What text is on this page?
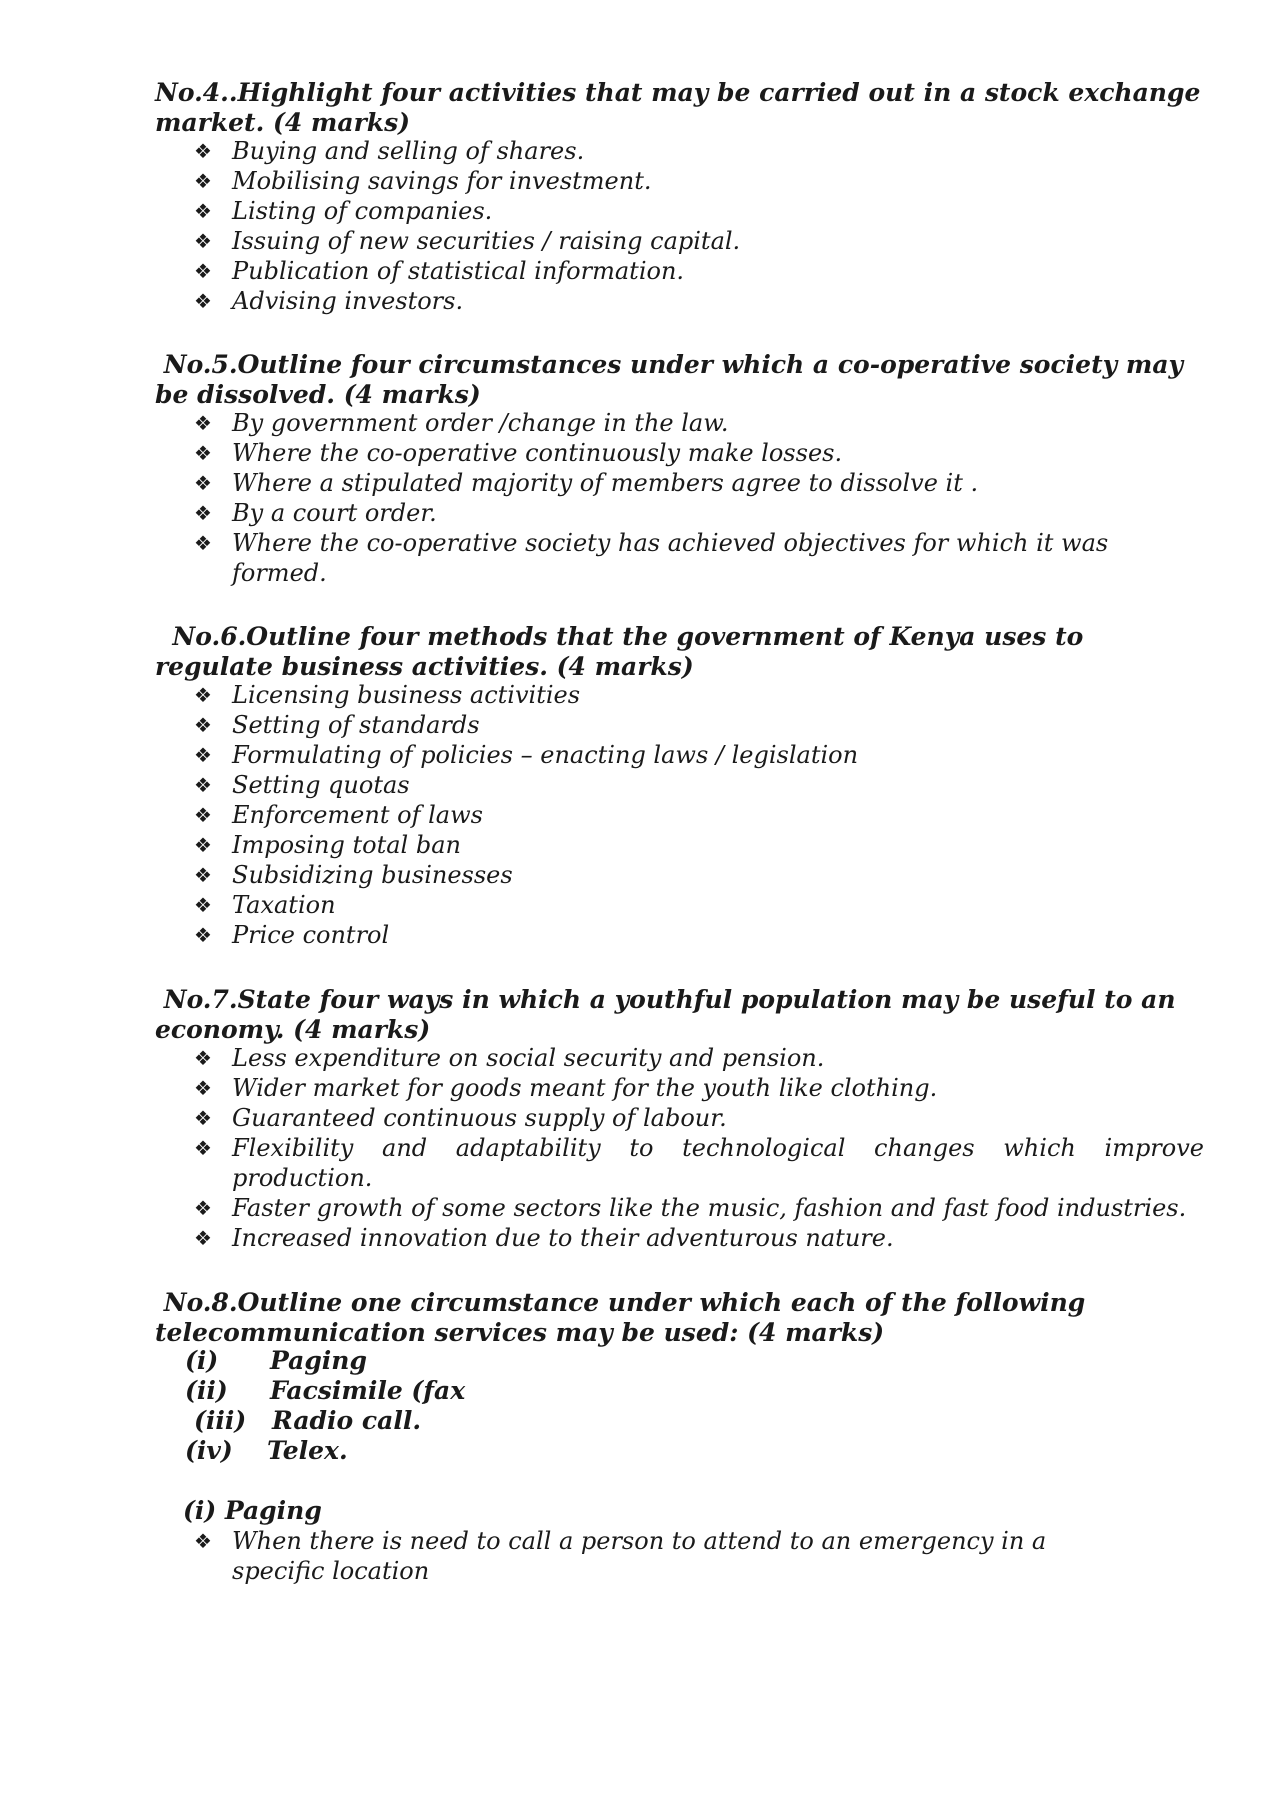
No.4..Highlight four activities that may be carried out in a stock exchange market. (4 marks)

❖ Buying and selling of shares.
❖ Mobilising savings for investment.
❖ Listing of companies.
❖ Issuing of new securities / raising capital.
❖ Publication of statistical information.
❖ Advising investors.

No.5.Outline four circumstances under which a co-operative society may be dissolved. (4 marks)

❖ By government order /change in the law.
❖ Where the co-operative continuously make losses.
❖ Where a stipulated majority of members agree to dissolve it .
❖ By a court order.
❖ Where the co-operative society has achieved objectives for which it was formed.

No.6.Outline four methods that the government of Kenya uses to regulate business activities. (4 marks)

❖ Licensing business activities
❖ Setting of standards
❖ Formulating of policies – enacting laws / legislation
❖ Setting quotas
❖ Enforcement of laws
❖ Imposing total ban
❖ Subsidizing businesses
❖ Taxation
❖ Price control

No.7.State four ways in which a youthful population may be useful to an economy. (4 marks)

❖ Less expenditure on social security and pension.
❖ Wider market for goods meant for the youth like clothing.
❖ Guaranteed continuous supply of labour.
❖ Flexibility and adaptability to technological changes which improve production.
❖ Faster growth of some sectors like the music, fashion and fast food industries.
❖ Increased innovation due to their adventurous nature.

No.8.Outline one circumstance under which each of the following telecommunication services may be used: (4 marks)

(i) Paging
(ii) Facsimile (fax
(iii) Radio call.
(iv) Telex.

(i) Paging

❖ When there is need to call a person to attend to an emergency in a specific location
